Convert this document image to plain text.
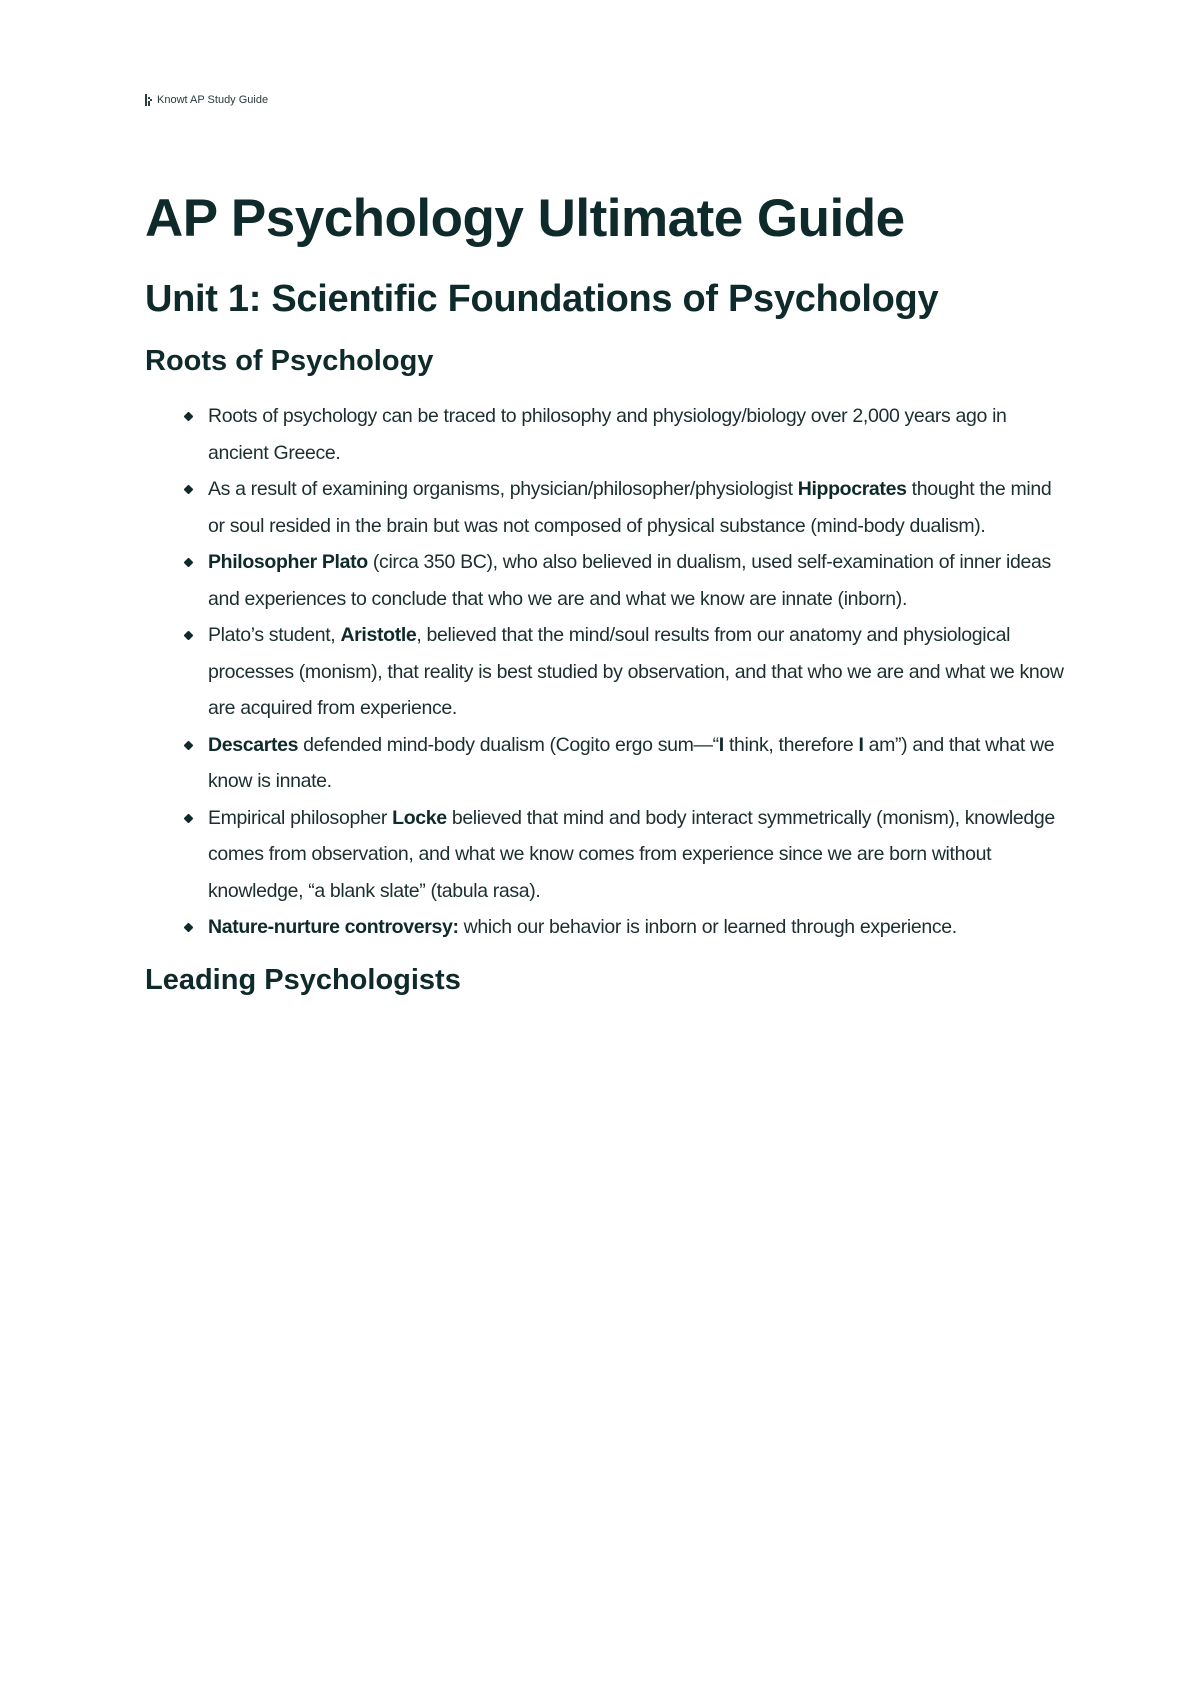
Knowt AP Study Guide
AP Psychology Ultimate Guide
Unit 1: Scientific Foundations of Psychology
Roots of Psychology
Roots of psychology can be traced to philosophy and physiology/biology over 2,000 years ago in ancient Greece.
As a result of examining organisms, physician/philosopher/physiologist Hippocrates thought the mind or soul resided in the brain but was not composed of physical substance (mind-body dualism).
Philosopher Plato (circa 350 BC), who also believed in dualism, used self-examination of inner ideas and experiences to conclude that who we are and what we know are innate (inborn).
Plato’s student, Aristotle, believed that the mind/soul results from our anatomy and physiological processes (monism), that reality is best studied by observation, and that who we are and what we know are acquired from experience.
Descartes defended mind-body dualism (Cogito ergo sum—“I think, therefore I am”) and that what we know is innate.
Empirical philosopher Locke believed that mind and body interact symmetrically (monism), knowledge comes from observation, and what we know comes from experience since we are born without knowledge, “a blank slate” (tabula rasa).
Nature-nurture controversy: which our behavior is inborn or learned through experience.
Leading Psychologists
